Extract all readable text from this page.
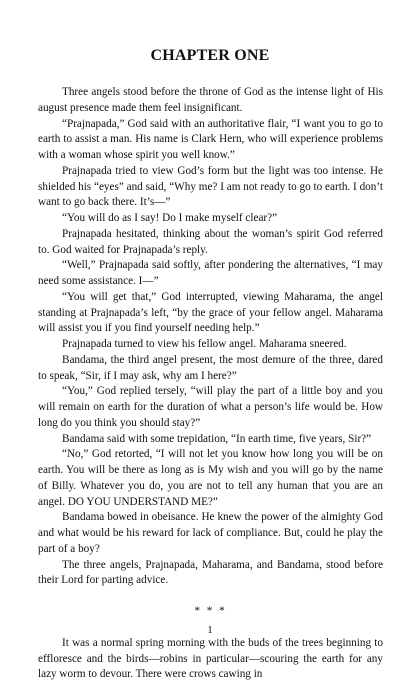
CHAPTER ONE

Three angels stood before the throne of God as the intense light of His august presence made them feel insignificant.

“Prajnapada,” God said with an authoritative flair, “I want you to go to earth to assist a man. His name is Clark Hern, who will experience problems with a woman whose spirit you well know.”

Prajnapada tried to view God’s form but the light was too intense. He shielded his “eyes” and said, “Why me? I am not ready to go to earth. I don’t want to go back there. It’s—”

“You will do as I say! Do I make myself clear?”

Prajnapada hesitated, thinking about the woman’s spirit God referred to. God waited for Prajnapada’s reply.

“Well,” Prajnapada said softly, after pondering the alternatives, “I may need some assistance. I—”

“You will get that,” God interrupted, viewing Maharama, the angel standing at Prajnapada’s left, “by the grace of your fellow angel. Maharama will assist you if you find yourself needing help.”

Prajnapada turned to view his fellow angel. Maharama sneered.

Bandama, the third angel present, the most demure of the three, dared to speak, “Sir, if I may ask, why am I here?”

“You,” God replied tersely, “will play the part of a little boy and you will remain on earth for the duration of what a person’s life would be. How long do you think you should stay?”

Bandama said with some trepidation, “In earth time, five years, Sir?”

“No,” God retorted, “I will not let you know how long you will be on earth. You will be there as long as is My wish and you will go by the name of Billy. Whatever you do, you are not to tell any human that you are an angel. DO YOU UNDERSTAND ME?”

Bandama bowed in obeisance. He knew the power of the almighty God and what would be his reward for lack of compliance. But, could he play the part of a boy?

The three angels, Prajnapada, Maharama, and Bandama, stood before their Lord for parting advice.

* * *

It was a normal spring morning with the buds of the trees beginning to effloresce and the birds—robins in particular—scouring the earth for any lazy worm to devour. There were crows cawing in

1
